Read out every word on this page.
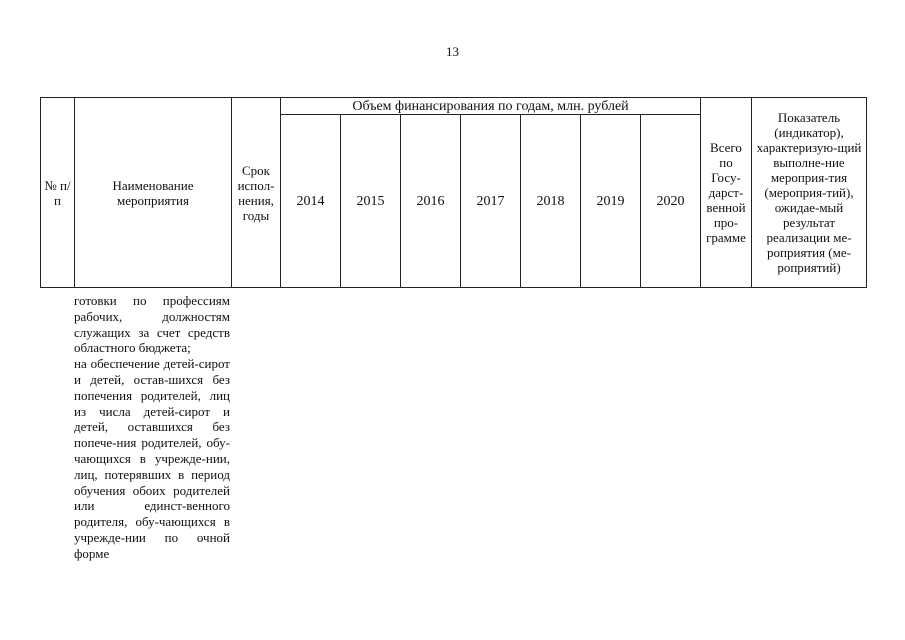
13
№ п/п	Наименование мероприятия	Срок испол-нения, годы	Объем финансирования по годам, млн. рублей							Всего по Госу-дарст-венной про-грамме	Показатель (индикатор), характеризую-щий выполне-ние мероприя-тия (мероприя-тий), ожидае-мый результат реализации ме-роприятия (ме-роприятий)
			2014	2015	2016	2017	2018	2019	2020		

готовки по профессиям рабочих, должностям служащих за счет средств областного бюджета;

на обеспечение детей-сирот и детей, остав-шихся без попечения родителей, лиц из числа детей-сирот и детей, оставшихся без попече-ния родителей, обу-чающихся в учрежде-нии, лиц, потерявших в период обучения обоих родителей или единст-венного родителя, обу-чающихся в учрежде-нии по очной форме
